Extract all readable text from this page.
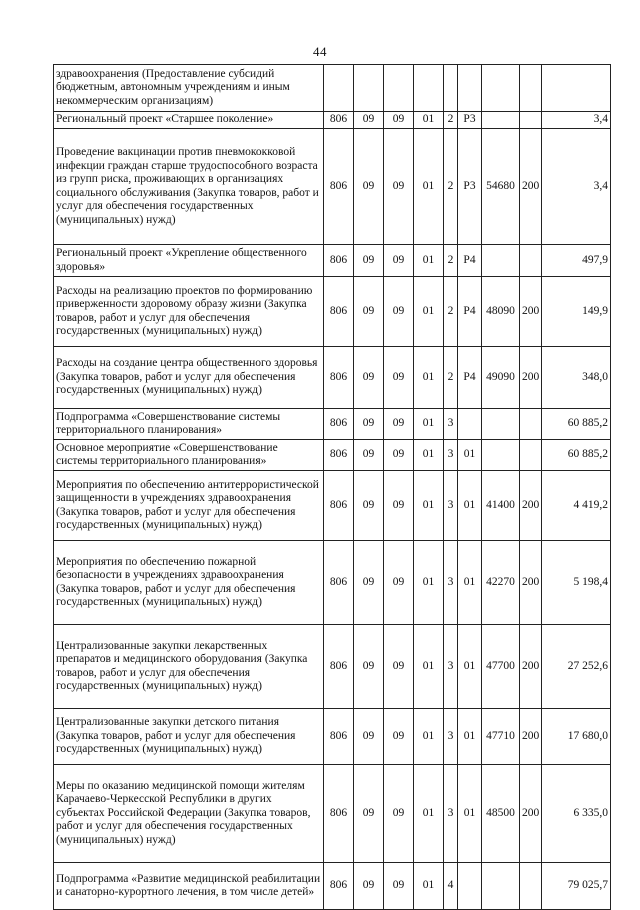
44
здравоохранения (Предоставление субсидий бюджетным, автономным учреждениям и иным некоммерческим организациям)									
Региональный проект «Старшее поколение»	806	09	09	01	2	P3			3,4
Проведение вакцинации против пневмококковой инфекции граждан старше трудоспособного возраста из групп риска, проживающих в организациях социального обслуживания (Закупка товаров, работ и услуг для обеспечения государственных (муниципальных) нужд)	806	09	09	01	2	P3	54680	200	3,4
Региональный проект «Укрепление общественного здоровья»	806	09	09	01	2	P4			497,9
Расходы на реализацию проектов по формированию приверженности здоровому образу жизни (Закупка товаров, работ и услуг для обеспечения государственных (муниципальных) нужд)	806	09	09	01	2	P4	48090	200	149,9
Расходы на создание центра общественного здоровья (Закупка товаров, работ и услуг для обеспечения государственных (муниципальных) нужд)	806	09	09	01	2	P4	49090	200	348,0
Подпрограмма «Совершенствование системы территориального планирования»	806	09	09	01	3				60 885,2
Основное мероприятие «Совершенствование системы территориального планирования»	806	09	09	01	3	01			60 885,2
Мероприятия по обеспечению антитеррористической защищенности в учреждениях здравоохранения (Закупка товаров, работ и услуг для обеспечения государственных (муниципальных) нужд)	806	09	09	01	3	01	41400	200	4 419,2
Мероприятия по обеспечению пожарной безопасности в учреждениях здравоохранения (Закупка товаров, работ и услуг для обеспечения государственных (муниципальных) нужд)	806	09	09	01	3	01	42270	200	5 198,4
Централизованные закупки лекарственных препаратов и медицинского оборудования (Закупка товаров, работ и услуг для обеспечения государственных (муниципальных) нужд)	806	09	09	01	3	01	47700	200	27 252,6
Централизованные закупки детского питания (Закупка товаров, работ и услуг для обеспечения государственных (муниципальных) нужд)	806	09	09	01	3	01	47710	200	17 680,0
Меры по оказанию медицинской помощи жителям Карачаево-Черкесской Республики в других субъектах Российской Федерации (Закупка товаров, работ и услуг для обеспечения государственных (муниципальных) нужд)	806	09	09	01	3	01	48500	200	6 335,0
Подпрограмма «Развитие медицинской реабилитации и санаторно-курортного лечения, в том числе детей»	806	09	09	01	4				79 025,7
